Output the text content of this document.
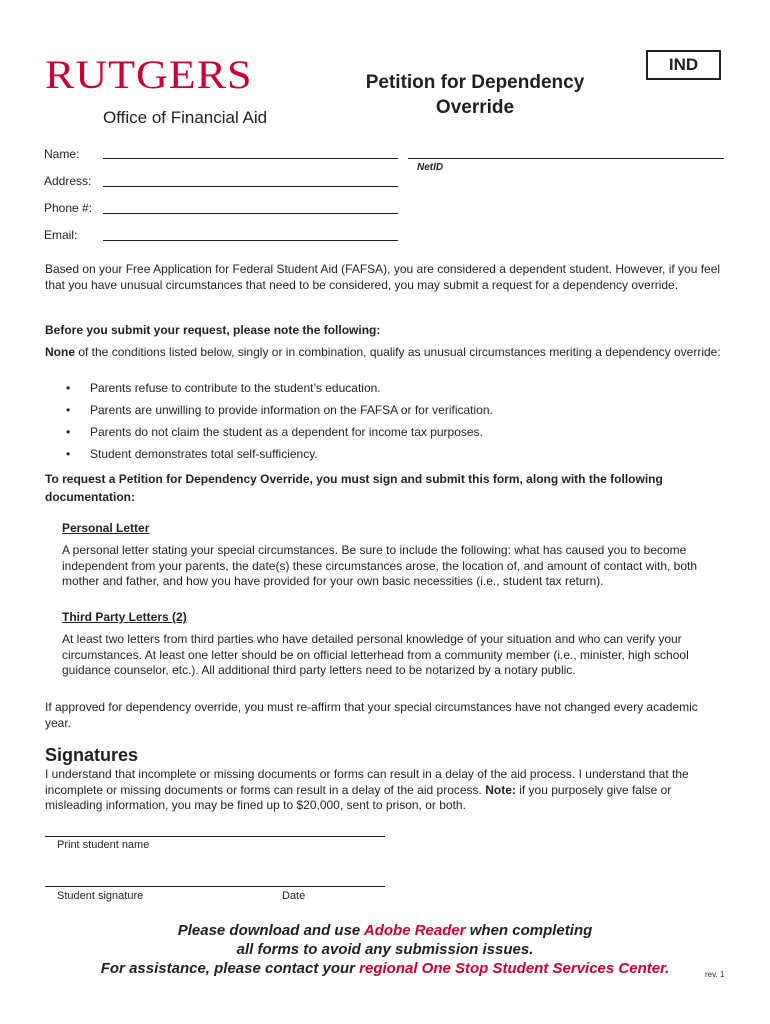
RUTGERS
Office of Financial Aid
Petition for Dependency
Override
IND
Name:
NetID
Address:
Phone #:
Email:
Based on your Free Application for Federal Student Aid (FAFSA), you are considered a dependent student. However, if you feel that you have unusual circumstances that need to be considered, you may submit a request for a dependency override.
Before you submit your request, please note the following:
None of the conditions listed below, singly or in combination, qualify as unusual circumstances meriting a dependency override:
• Parents refuse to contribute to the student’s education.
• Parents are unwilling to provide information on the FAFSA or for verification.
• Parents do not claim the student as a dependent for income tax purposes.
• Student demonstrates total self-sufficiency.
To request a Petition for Dependency Override, you must sign and submit this form, along with the following documentation:
Personal Letter
A personal letter stating your special circumstances. Be sure to include the following: what has caused you to become independent from your parents, the date(s) these circumstances arose, the location of, and amount of contact with, both mother and father, and how you have provided for your own basic necessities (i.e., student tax return).
Third Party Letters (2)
At least two letters from third parties who have detailed personal knowledge of your situation and who can verify your circumstances. At least one letter should be on official letterhead from a community member (i.e., minister, high school guidance counselor, etc.). All additional third party letters need to be notarized by a notary public.
If approved for dependency override, you must re-affirm that your special circumstances have not changed every academic year.
Signatures
I understand that incomplete or missing documents or forms can result in a delay of the aid process. I understand that the incomplete or missing documents or forms can result in a delay of the aid process. Note: if you purposely give false or misleading information, you may be fined up to $20,000, sent to prison, or both.
Print student name
Student signature	Date
Please download and use Adobe Reader when completing
all forms to avoid any submission issues.
For assistance, please contact your regional One Stop Student Services Center.	rev. 1
